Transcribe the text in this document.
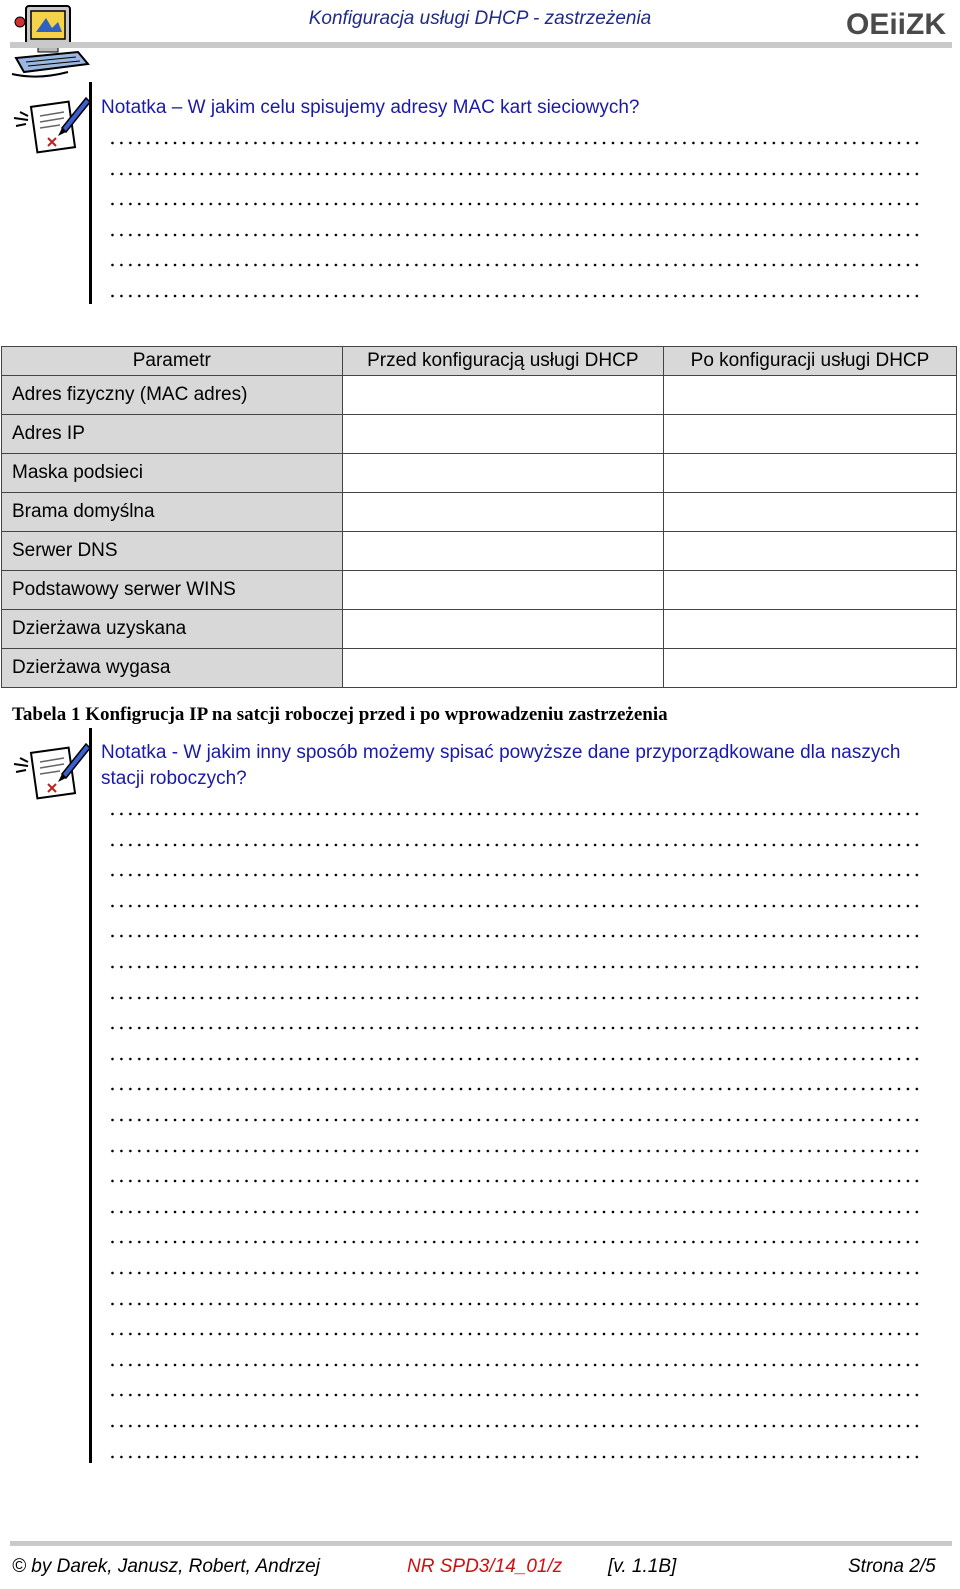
Konfiguracja usługi DHCP - zastrzeżenia	OEiiZK
Notatka – W jakim celu spisujemy adresy MAC kart sieciowych?
Parametr	Przed konfiguracją usługi DHCP	Po konfiguracji usługi DHCP
Adres fizyczny (MAC adres)		
Adres IP		
Maska podsieci		
Brama domyślna		
Serwer DNS		
Podstawowy serwer WINS		
Dzierżawa uzyskana		
Dzierżawa wygasa		
Tabela 1 Konfigrucja IP na satcji roboczej przed i po wprowadzeniu zastrzeżenia
Notatka - W jakim inny sposób możemy spisać powyższe dane przyporządkowane dla naszych
stacji roboczych?
© by Darek, Janusz, Robert, Andrzej	NR SPD3/14_01/z [v. 1.1B]	Strona 2/5
